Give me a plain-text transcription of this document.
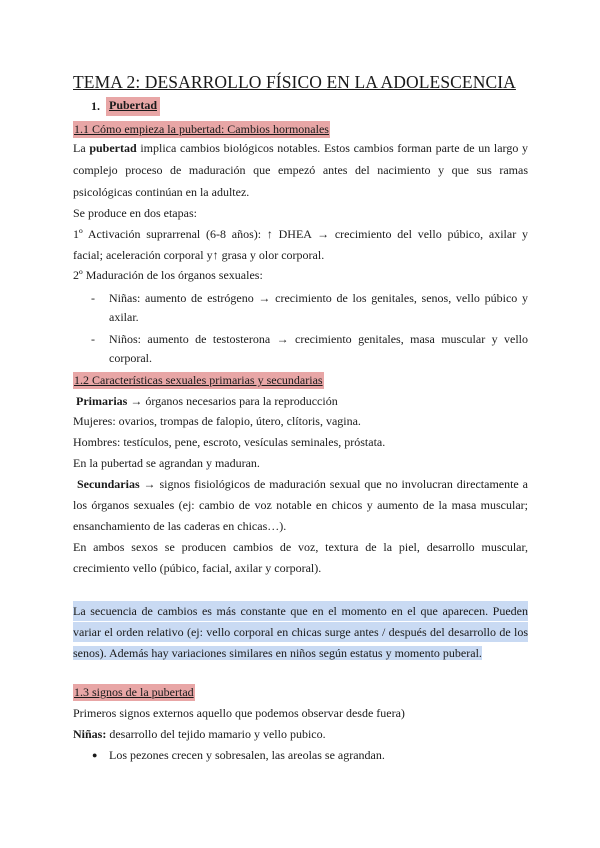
TEMA 2: DESARROLLO FÍSICO EN LA ADOLESCENCIA
1. Pubertad
1.1 Cómo empieza la pubertad: Cambios hormonales
La pubertad implica cambios biológicos notables. Estos cambios forman parte de un largo y
complejo proceso de maduración que empezó antes del nacimiento y que sus ramas
psicológicas continúan en la adultez.
Se produce en dos etapas:
1º Activación suprarrenal (6-8 años): ↑ DHEA → crecimiento del vello púbico, axilar y
facial; aceleración corporal y↑ grasa y olor corporal.
2º Maduración de los órganos sexuales:
- Niñas: aumento de estrógeno → crecimiento de los genitales, senos, vello púbico y
axilar.
- Niños: aumento de testosterona → crecimiento genitales, masa muscular y vello
corporal.
1.2 Características sexuales primarias y secundarias
Primarias → órganos necesarios para la reproducción
Mujeres: ovarios, trompas de falopio, útero, clítoris, vagina.
Hombres: testículos, pene, escroto, vesículas seminales, próstata.
En la pubertad se agrandan y maduran.
Secundarias → signos fisiológicos de maduración sexual que no involucran directamente a
los órganos sexuales (ej: cambio de voz notable en chicos y aumento de la masa muscular;
ensanchamiento de las caderas en chicas…).
En ambos sexos se producen cambios de voz, textura de la piel, desarrollo muscular,
crecimiento vello (púbico, facial, axilar y corporal).
La secuencia de cambios es más constante que en el momento en el que aparecen. Pueden
variar el orden relativo (ej: vello corporal en chicas surge antes / después del desarrollo de los
senos). Además hay variaciones similares en niños según estatus y momento puberal.
1.3 signos de la pubertad
Primeros signos externos aquello que podemos observar desde fuera)
Niñas: desarrollo del tejido mamario y vello pubico.
● Los pezones crecen y sobresalen, las areolas se agrandan.
